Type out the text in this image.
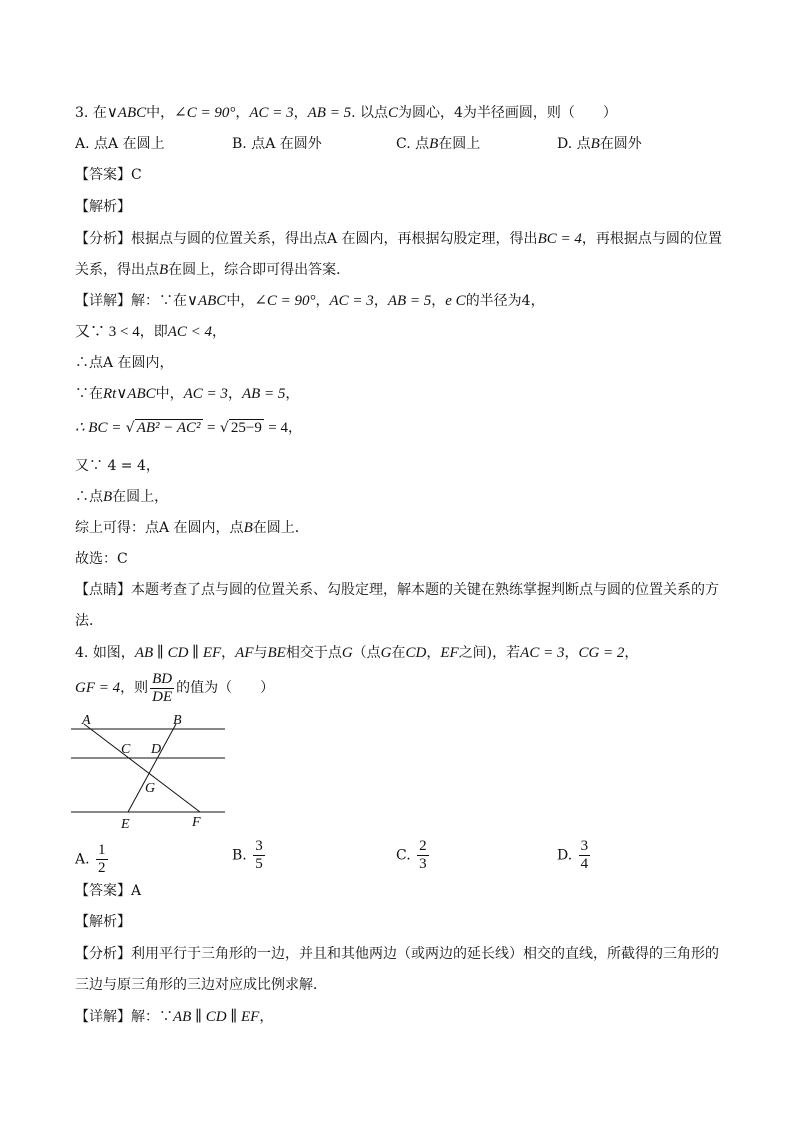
3. 在∨ABC中，∠C = 90°，AC = 3，AB = 5. 以点C为圆心，4为半径画圆，则（　　）
A. 点A 在圆上	B. 点A 在圆外	C. 点B在圆上	D. 点B在圆外
【答案】C
【解析】
【分析】根据点与圆的位置关系，得出点A 在圆内，再根据勾股定理，得出BC = 4，再根据点与圆的位置
关系，得出点B在圆上，综合即可得出答案．
【详解】解：∵在∨ABC中，∠C = 90°，AC = 3，AB = 5，e C的半径为4，
又∵ 3 < 4，即AC < 4，
∴点A 在圆内，
∵在Rt∨ABC中，AC = 3，AB = 5，
∴ BC = √ AB² − AC² = √ 25−9 = 4，
又∵ 4 = 4，
∴点B在圆上，
综上可得：点A 在圆内，点B在圆上．
故选：C
【点睛】本题考查了点与圆的位置关系、勾股定理，解本题的关键在熟练掌握判断点与圆的位置关系的方
法．
4. 如图，AB ∥ CD ∥ EF，AF与BE相交于点G（点G在CD，EF之间)，若AC = 3，CG = 2，
GF = 4，则 $\frac{BD}{DE}$ 的值为（　　）
A	B
C D
G
E	F
A. $\frac{1}{2}$	B. $\frac{3}{5}$	C. $\frac{2}{3}$	D. $\frac{3}{4}$
【答案】A
【解析】
【分析】利用平行于三角形的一边，并且和其他两边（或两边的延长线）相交的直线，所截得的三角形的
三边与原三角形的三边对应成比例求解．
【详解】解：∵AB ∥ CD ∥ EF，
